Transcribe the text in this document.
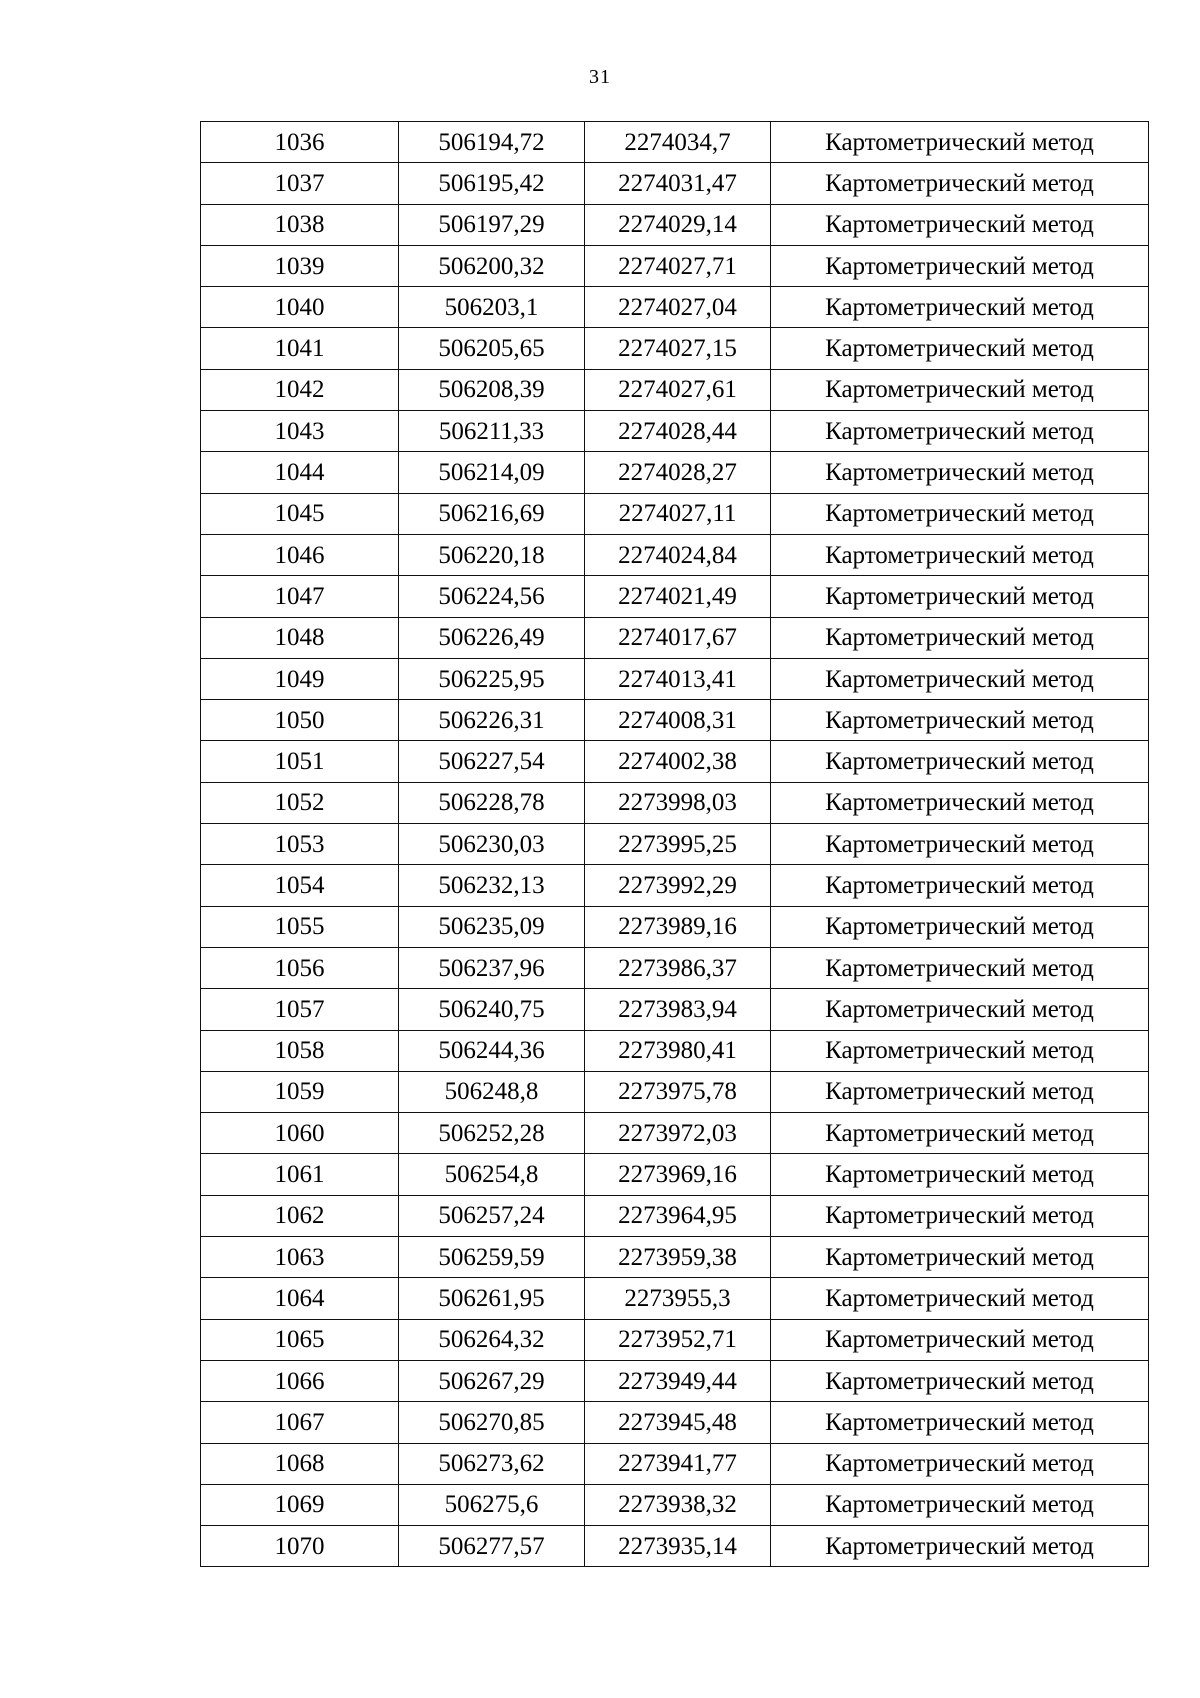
31
1036	506194,72	2274034,7	Картометрический метод
1037	506195,42	2274031,47	Картометрический метод
1038	506197,29	2274029,14	Картометрический метод
1039	506200,32	2274027,71	Картометрический метод
1040	506203,1	2274027,04	Картометрический метод
1041	506205,65	2274027,15	Картометрический метод
1042	506208,39	2274027,61	Картометрический метод
1043	506211,33	2274028,44	Картометрический метод
1044	506214,09	2274028,27	Картометрический метод
1045	506216,69	2274027,11	Картометрический метод
1046	506220,18	2274024,84	Картометрический метод
1047	506224,56	2274021,49	Картометрический метод
1048	506226,49	2274017,67	Картометрический метод
1049	506225,95	2274013,41	Картометрический метод
1050	506226,31	2274008,31	Картометрический метод
1051	506227,54	2274002,38	Картометрический метод
1052	506228,78	2273998,03	Картометрический метод
1053	506230,03	2273995,25	Картометрический метод
1054	506232,13	2273992,29	Картометрический метод
1055	506235,09	2273989,16	Картометрический метод
1056	506237,96	2273986,37	Картометрический метод
1057	506240,75	2273983,94	Картометрический метод
1058	506244,36	2273980,41	Картометрический метод
1059	506248,8	2273975,78	Картометрический метод
1060	506252,28	2273972,03	Картометрический метод
1061	506254,8	2273969,16	Картометрический метод
1062	506257,24	2273964,95	Картометрический метод
1063	506259,59	2273959,38	Картометрический метод
1064	506261,95	2273955,3	Картометрический метод
1065	506264,32	2273952,71	Картометрический метод
1066	506267,29	2273949,44	Картометрический метод
1067	506270,85	2273945,48	Картометрический метод
1068	506273,62	2273941,77	Картометрический метод
1069	506275,6	2273938,32	Картометрический метод
1070	506277,57	2273935,14	Картометрический метод
